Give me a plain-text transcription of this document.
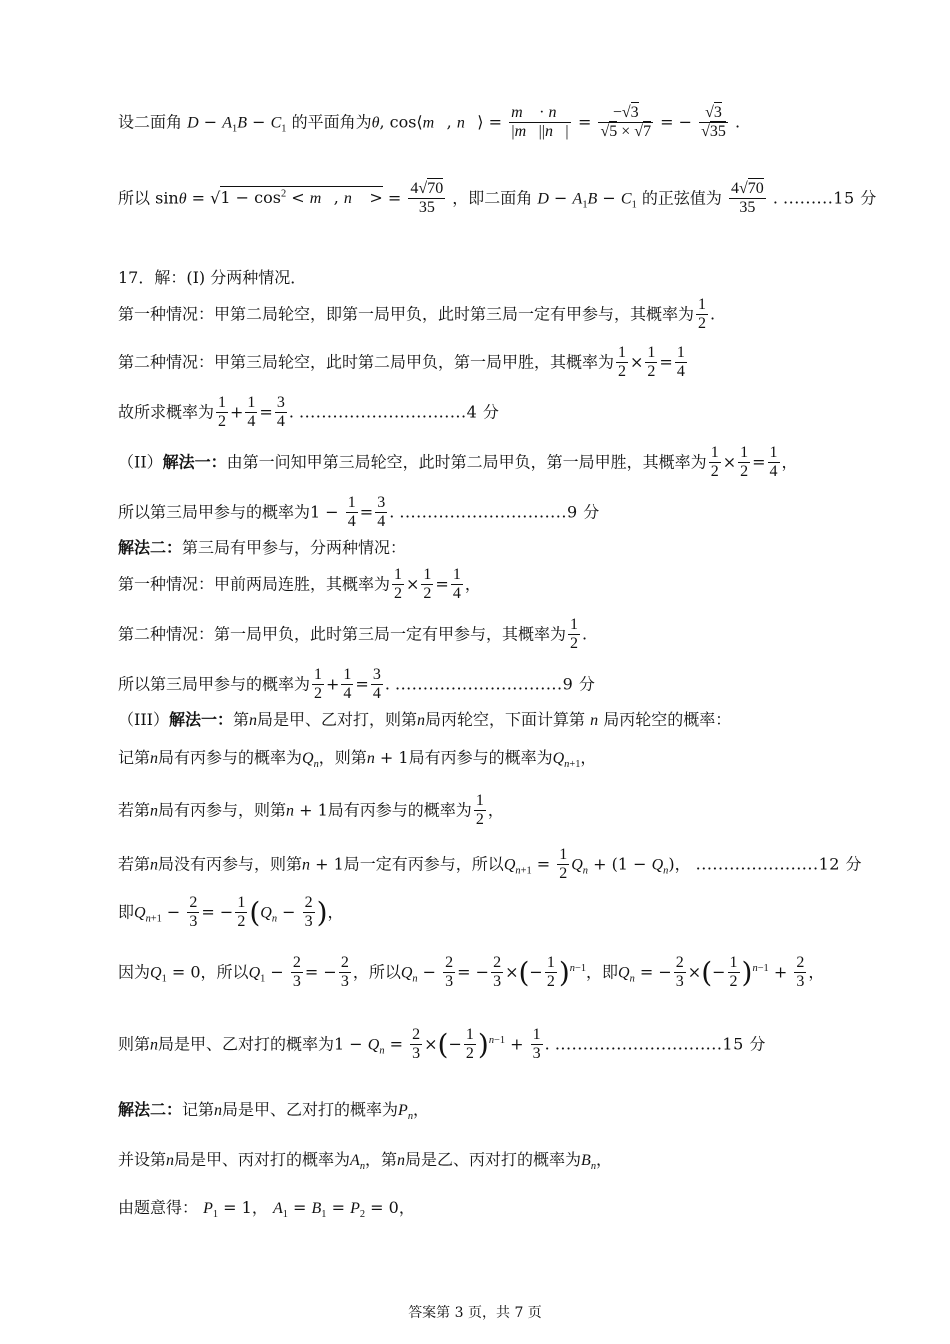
设二面角 $D - A_1B - C_1$ 的平面角为θ, cos⟨m⃗, n⃗⟩ = $\frac{m⃗ \cdot n⃗}{|m⃗||n⃗|} = \frac{-√3}{√5 \times √7}$ = − $\frac{√3}{√35}$ .
所以 $\sin\theta = √1 - \cos^2$ < m⃗, n⃗ > = $\frac{4√70}{35}$ ，即二面角 $D - A_1B - C_1$ 的正弦值为 $\frac{4√70}{35}$ . .........15 分
17．解：(I) 分两种情况．
第一种情况：甲第二局轮空，即第一局甲负，此时第三局一定有甲参与，其概率为 $\frac{1}{2}$ .
第二种情况：甲第三局轮空，此时第二局甲负，第一局甲胜，其概率为 $\frac{1}{2} \times \frac{1}{2} = \frac{1}{4}$
故所求概率为 $\frac{1}{2} + \frac{1}{4} = \frac{3}{4}$ . ..............................4 分
（II）解法一：由第一问知甲第三局轮空，此时第二局甲负，第一局甲胜，其概率为 $\frac{1}{2} \times \frac{1}{2} = \frac{1}{4}$ ，
所以第三局甲参与的概率为$1 - \frac{1}{4} = \frac{3}{4}$ . ..............................9 分
解法二：第三局有甲参与，分两种情况：
第一种情况：甲前两局连胜，其概率为 $\frac{1}{2} \times \frac{1}{2} = \frac{1}{4}$ ，
第二种情况：第一局甲负，此时第三局一定有甲参与，其概率为 $\frac{1}{2}$ .
所以第三局甲参与的概率为 $\frac{1}{2} + \frac{1}{4} = \frac{3}{4}$ . ..............................9 分
（III）解法一：第n局是甲、乙对打，则第n局丙轮空，下面计算第 n 局丙轮空的概率：
记第n局有丙参与的概率为$Q_n$，则第n + 1局有丙参与的概率为$Q_{n+1}$，
若第n局有丙参与，则第n + 1局有丙参与的概率为 $\frac{1}{2}$ ，
若第n局没有丙参与，则第n + 1局一定有丙参与，所以$Q_{n+1} = \frac{1}{2} Q_n + (1 - Q_n)$， ......................12 分
即$Q_{n+1} - \frac{2}{3}$ = − $\frac{1}{2} (Q_n - \frac{2}{3}$ )，
因为$Q_1 = 0$，所以$Q_1 - \frac{2}{3}$ = − $\frac{2}{3}$ ，所以$Q_n - \frac{2}{3}$ = − $\frac{2}{3}$ ×(− $\frac{1}{2} )^{n-1}$，即$Q_n$ = − $\frac{2}{3}$ ×(− $\frac{1}{2} )^{n-1} + \frac{2}{3}$ ，
则第n局是甲、乙对打的概率为$1 - Q_n = \frac{2}{3}$ ×(− $\frac{1}{2} )^{n-1} + \frac{1}{3}$ . ..............................15 分
解法二：记第n局是甲、乙对打的概率为$P_n$，
并设第n局是甲、丙对打的概率为$A_n$，第n局是乙、丙对打的概率为$B_n$，
由题意得： $P_1 = 1$， $A_1 = B_1 = P_2 = 0$，
答案第 3 页，共 7 页
